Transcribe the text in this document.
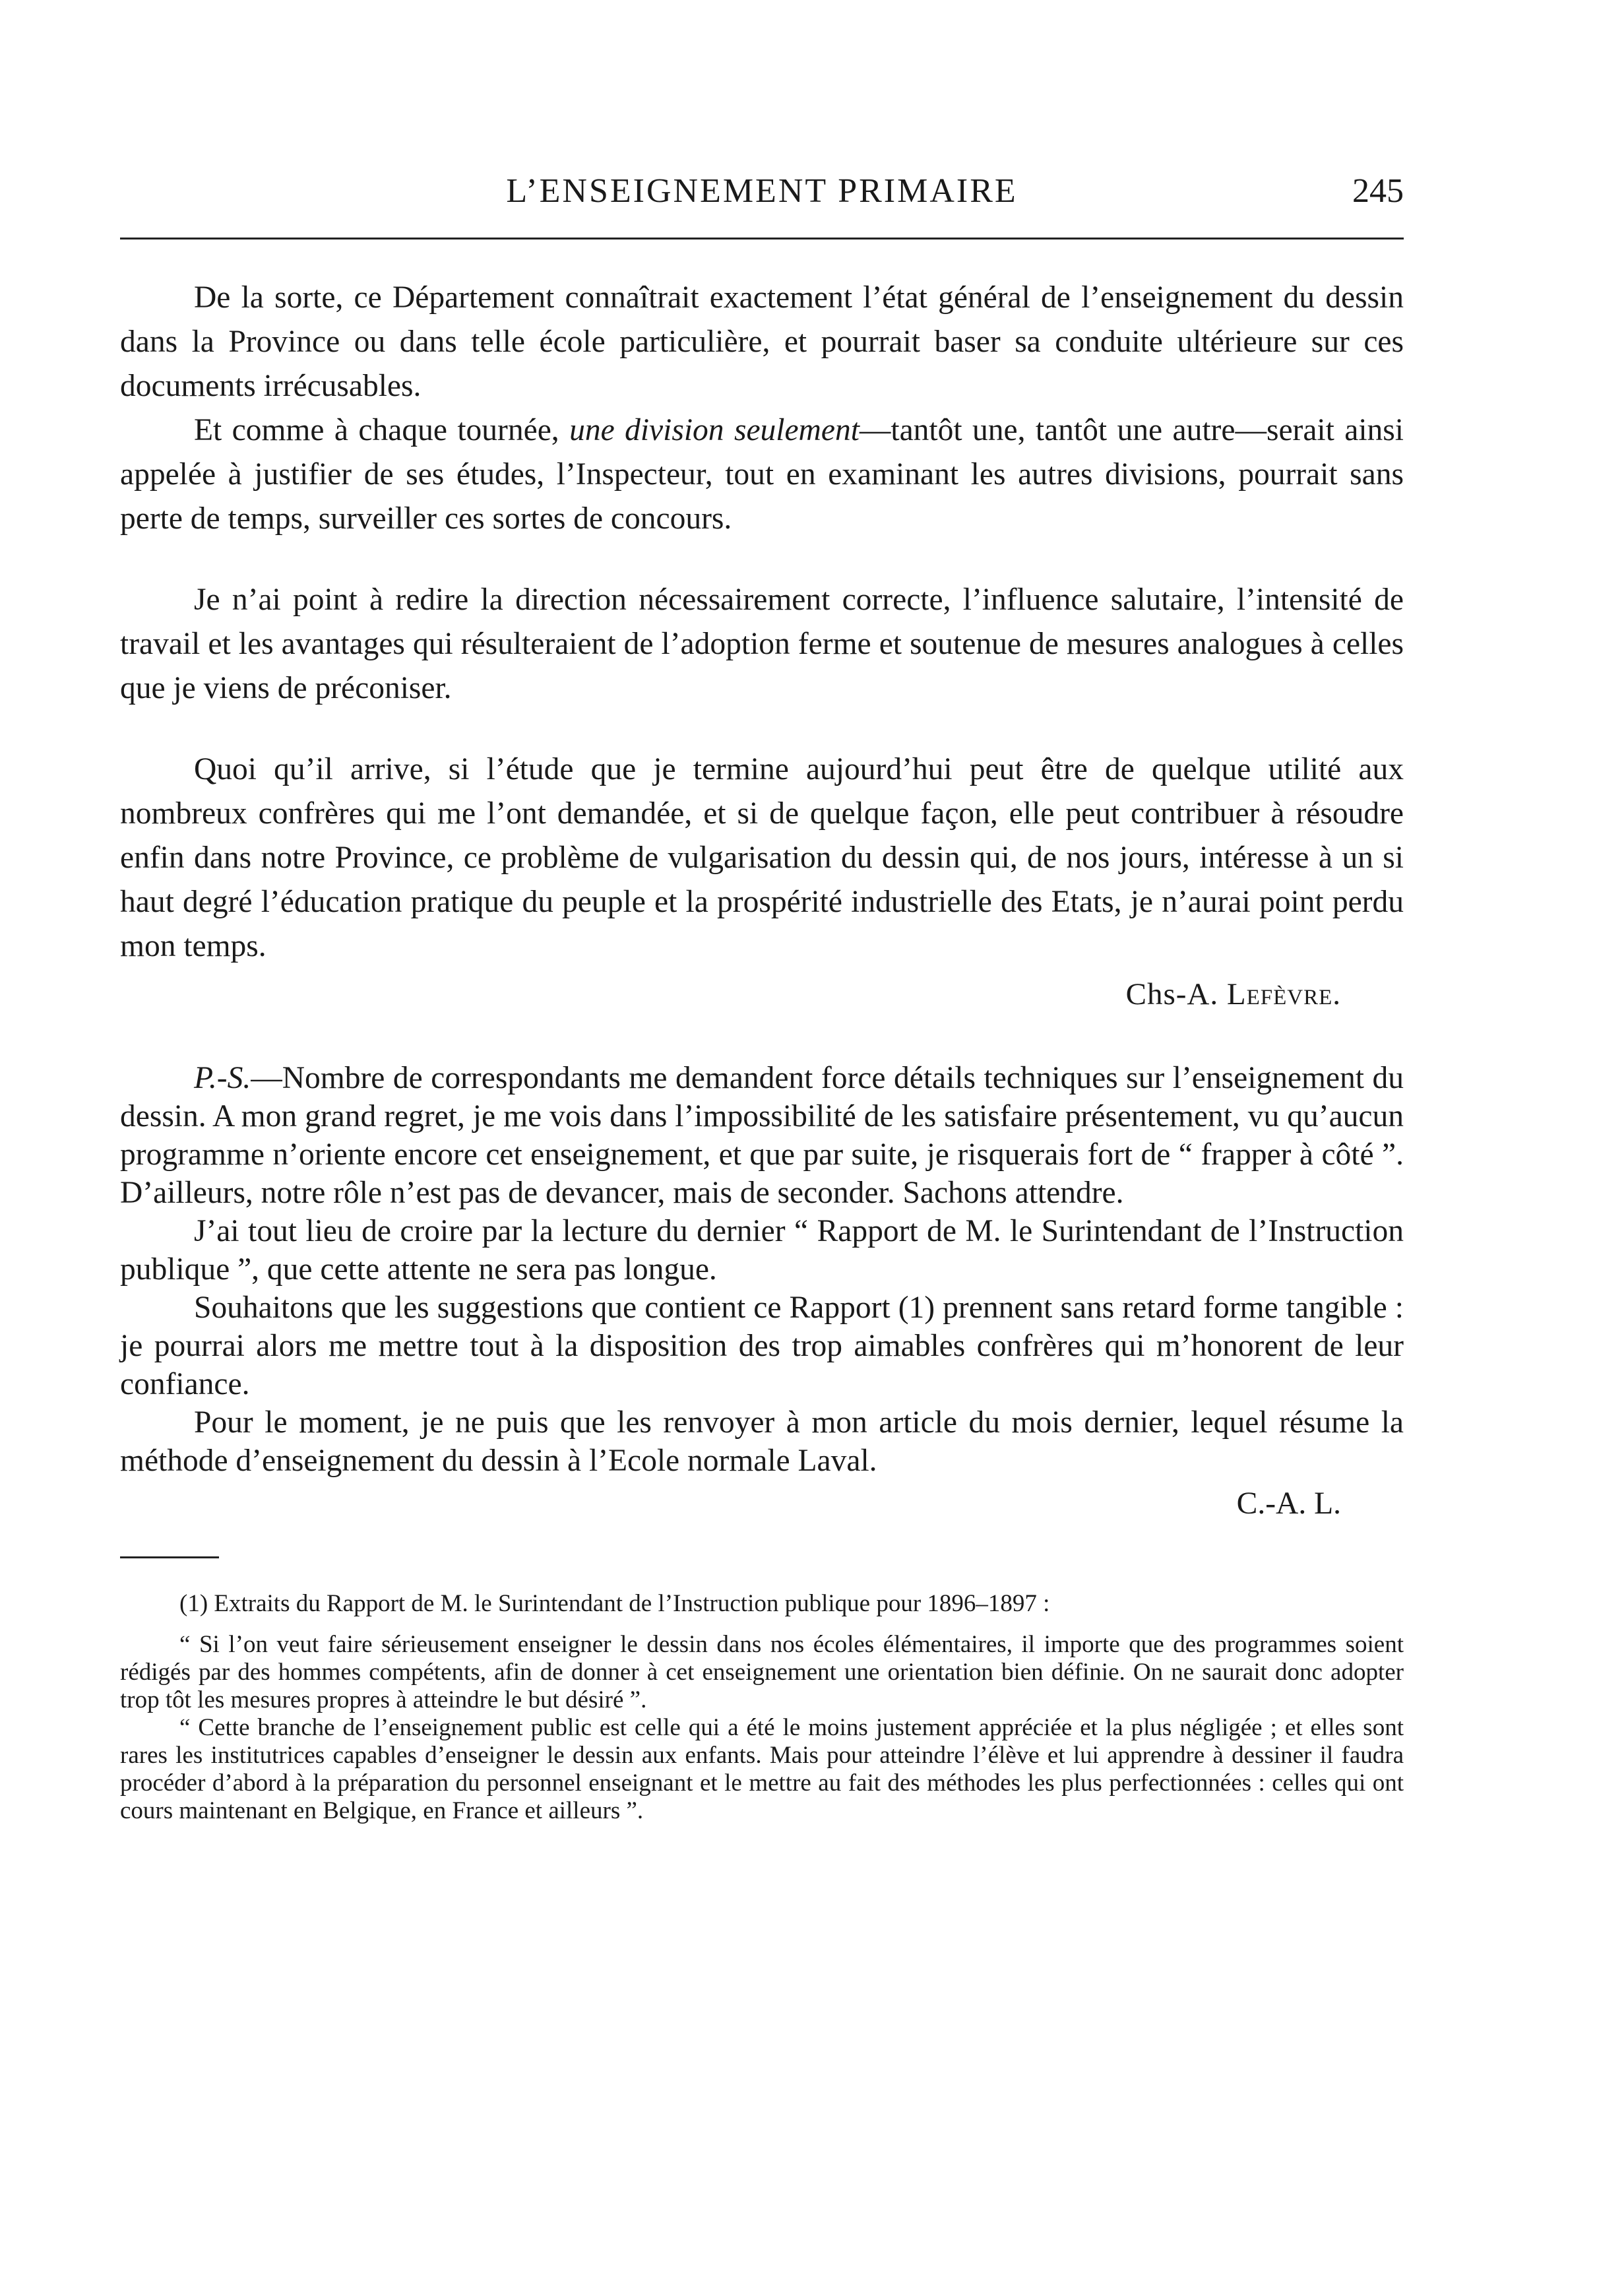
L’ENSEIGNEMENT PRIMAIRE	245

De la sorte, ce Département connaîtrait exactement l’état général de l’enseignement du dessin dans la Province ou dans telle école particulière, et pourrait baser sa conduite ultérieure sur ces documents irrécusables.

Et comme à chaque tournée, une division seulement—tantôt une, tantôt une autre—serait ainsi appelée à justifier de ses études, l’Inspecteur, tout en examinant les autres divisions, pourrait sans perte de temps, surveiller ces sortes de concours.

Je n’ai point à redire la direction nécessairement correcte, l’influence salutaire, l’intensité de travail et les avantages qui résulteraient de l’adoption ferme et soutenue de mesures analogues à celles que je viens de préconiser.

Quoi qu’il arrive, si l’étude que je termine aujourd’hui peut être de quelque utilité aux nombreux confrères qui me l’ont demandée, et si de quelque façon, elle peut contribuer à résoudre enfin dans notre Province, ce problème de vulgarisation du dessin qui, de nos jours, intéresse à un si haut degré l’éducation pratique du peuple et la prospérité industrielle des Etats, je n’aurai point perdu mon temps.

Chs-A. Lefèvre.

P.-S.—Nombre de correspondants me demandent force détails techniques sur l’enseignement du dessin. A mon grand regret, je me vois dans l’impossibilité de les satisfaire présentement, vu qu’aucun programme n’oriente encore cet enseignement, et que par suite, je risquerais fort de “ frapper à côté ”. D’ailleurs, notre rôle n’est pas de devancer, mais de seconder. Sachons attendre.

J’ai tout lieu de croire par la lecture du dernier “ Rapport de M. le Surintendant de l’Instruction publique ”, que cette attente ne sera pas longue.

Souhaitons que les suggestions que contient ce Rapport (1) prennent sans retard forme tangible : je pourrai alors me mettre tout à la disposition des trop aimables confrères qui m’honorent de leur confiance.

Pour le moment, je ne puis que les renvoyer à mon article du mois dernier, lequel résume la méthode d’enseignement du dessin à l’Ecole normale Laval.

C.-A. L.

(1) Extraits du Rapport de M. le Surintendant de l’Instruction publique pour 1896–1897 :

“ Si l’on veut faire sérieusement enseigner le dessin dans nos écoles élémentaires, il importe que des programmes soient rédigés par des hommes compétents, afin de donner à cet enseignement une orientation bien définie. On ne saurait donc adopter trop tôt les mesures propres à atteindre le but désiré ”.

“ Cette branche de l’enseignement public est celle qui a été le moins justement appréciée et la plus négligée ; et elles sont rares les institutrices capables d’enseigner le dessin aux enfants. Mais pour atteindre l’élève et lui apprendre à dessiner il faudra procéder d’abord à la préparation du personnel enseignant et le mettre au fait des méthodes les plus perfectionnées : celles qui ont cours maintenant en Belgique, en France et ailleurs ”.
